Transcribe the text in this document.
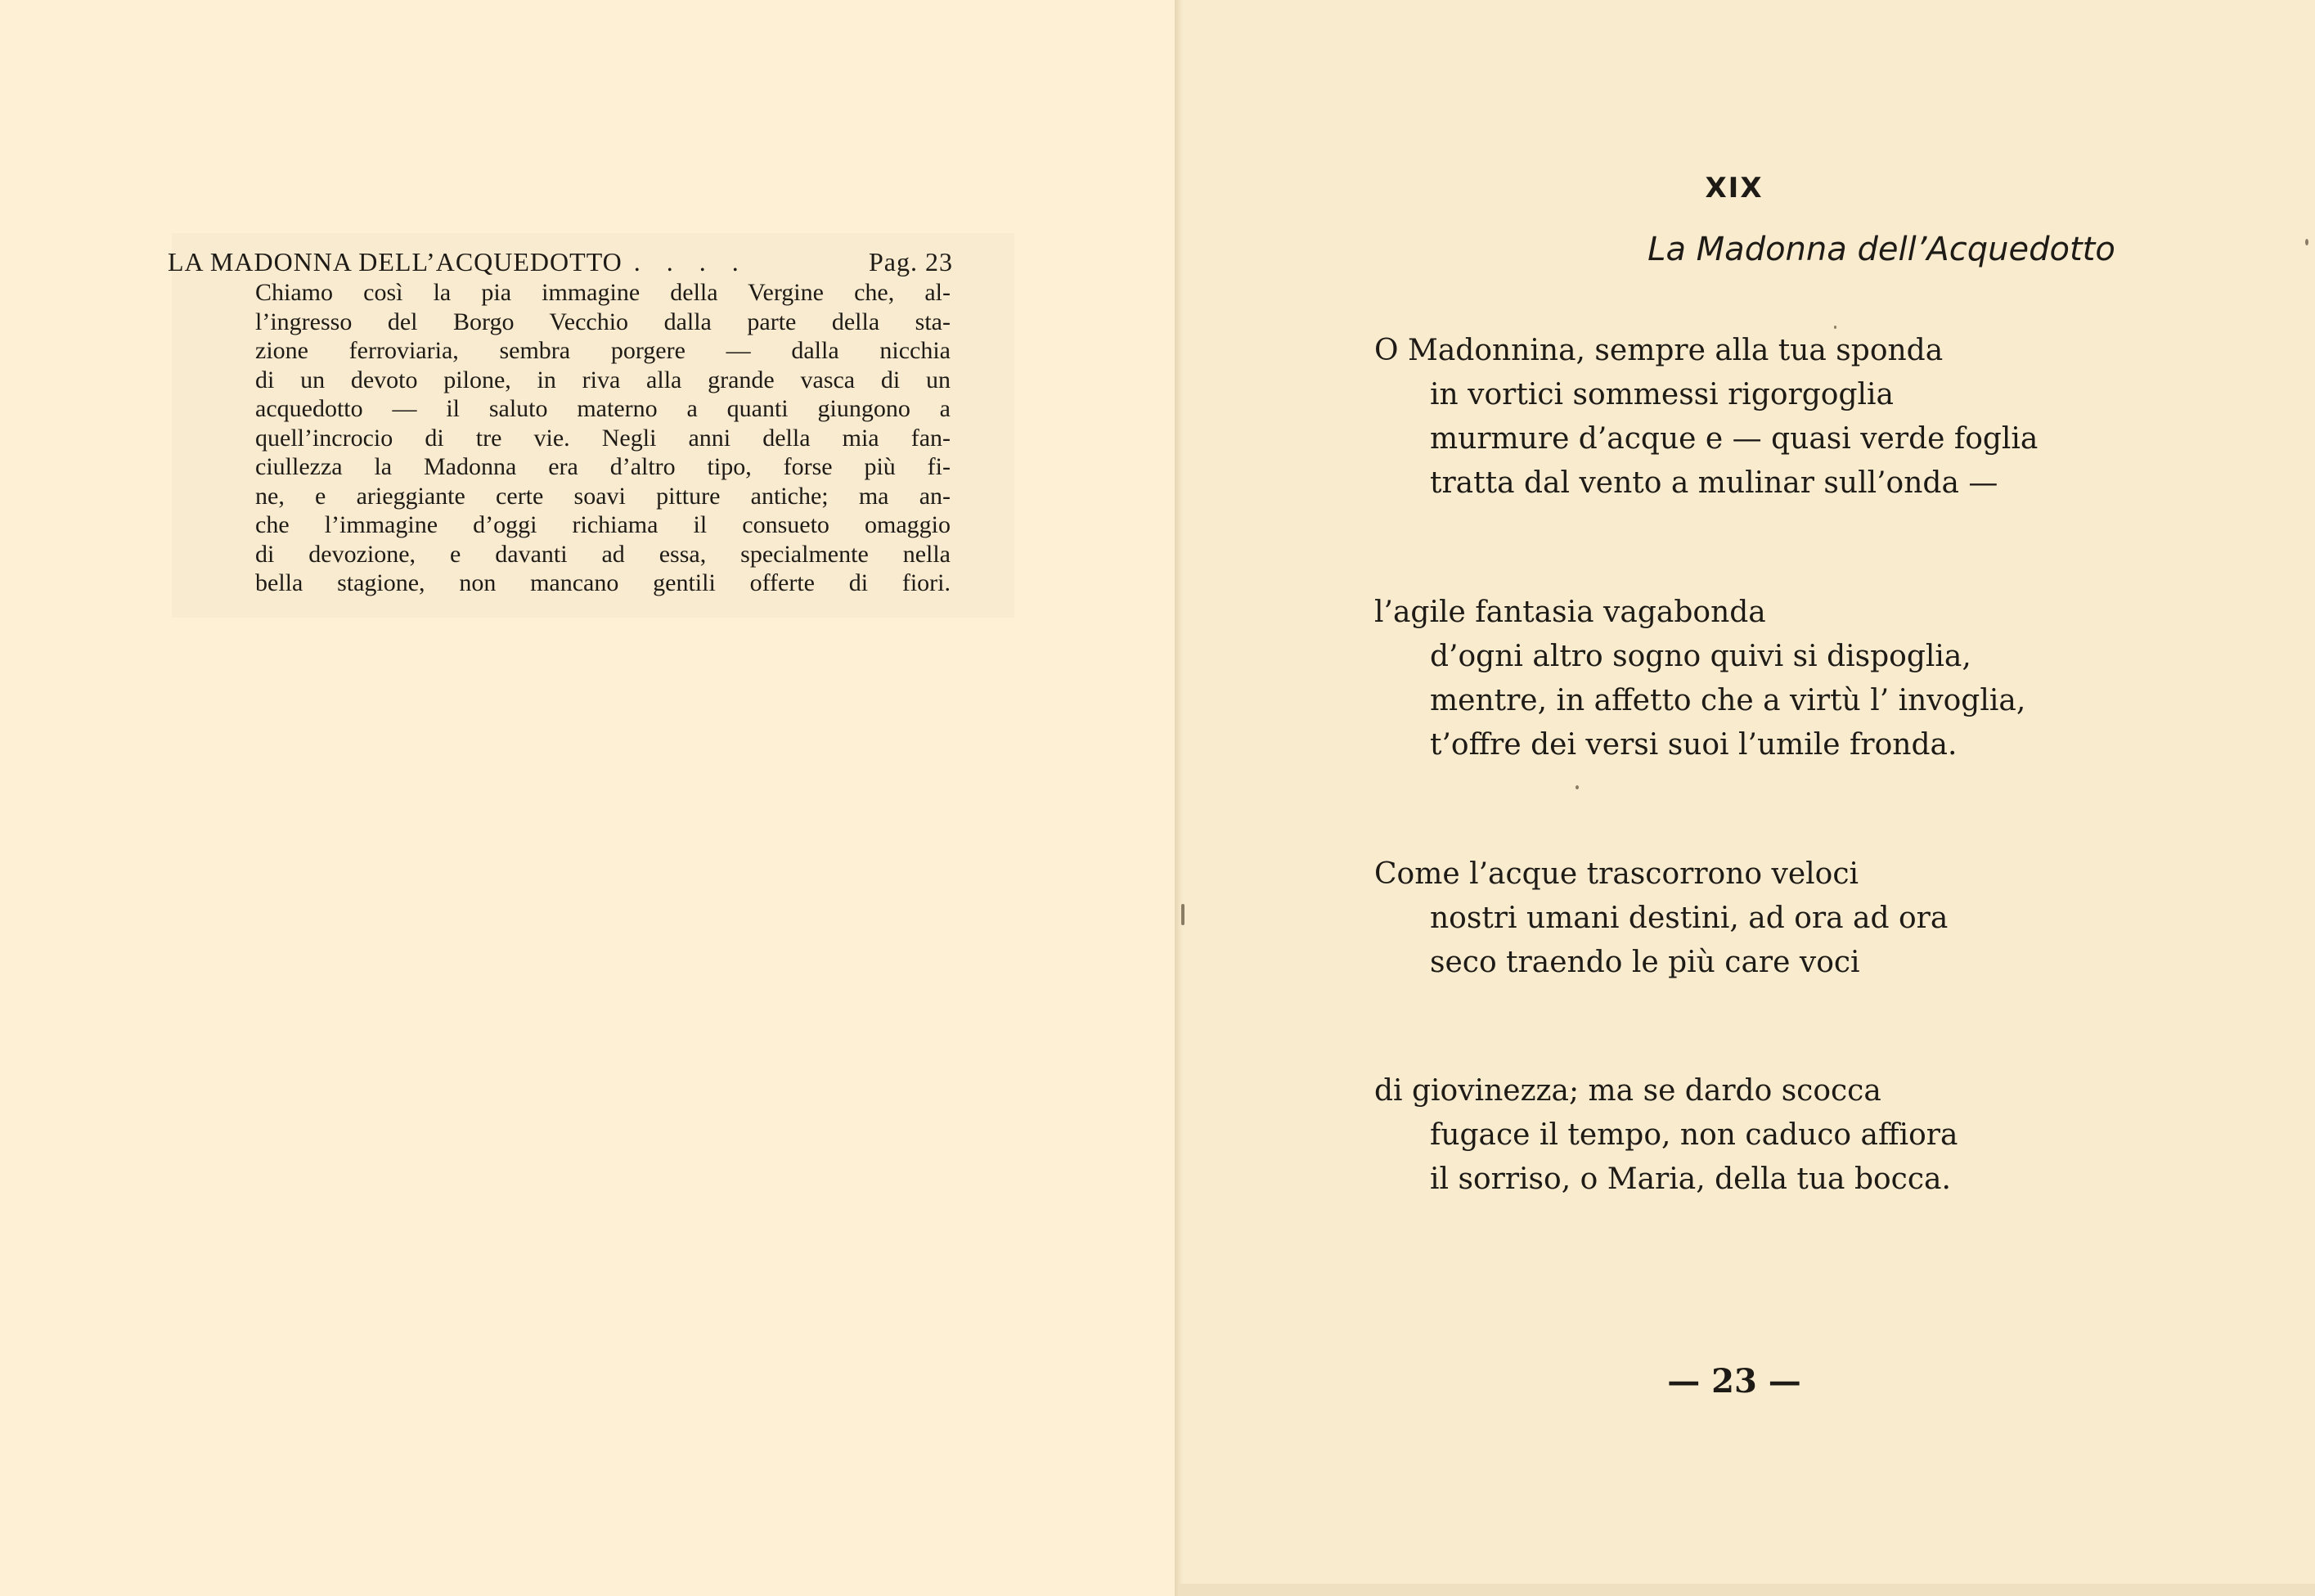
LA MADONNA DELL’ACQUEDOTTO . . . .	Pag. 23
Chiamo così la pia immagine della Vergine che, al-
l’ingresso del Borgo Vecchio dalla parte della sta-
zione ferroviaria, sembra porgere — dalla nicchia
di un devoto pilone, in riva alla grande vasca di un
acquedotto — il saluto materno a quanti giungono a
quell’incrocio di tre vie. Negli anni della mia fan-
ciullezza la Madonna era d’altro tipo, forse più fi-
ne, e arieggiante certe soavi pitture antiche; ma an-
che l’immagine d’oggi richiama il consueto omaggio
di devozione, e davanti ad essa, specialmente nella
bella stagione, non mancano gentili offerte di fiori.
XIX
La Madonna dell’Acquedotto
O Madonnina, sempre alla tua sponda
in vortici sommessi rigorgoglia
murmure d’acque e — quasi verde foglia
tratta dal vento a mulinar sull’onda —
l’agile fantasia vagabonda
d’ogni altro sogno quivi si dispoglia,
mentre, in affetto che a virtù l’ invoglia,
t’offre dei versi suoi l’umile fronda.
Come l’acque trascorrono veloci
nostri umani destini, ad ora ad ora
seco traendo le più care voci
di giovinezza; ma se dardo scocca
fugace il tempo, non caduco affiora
il sorriso, o Maria, della tua bocca.
— 23 —
